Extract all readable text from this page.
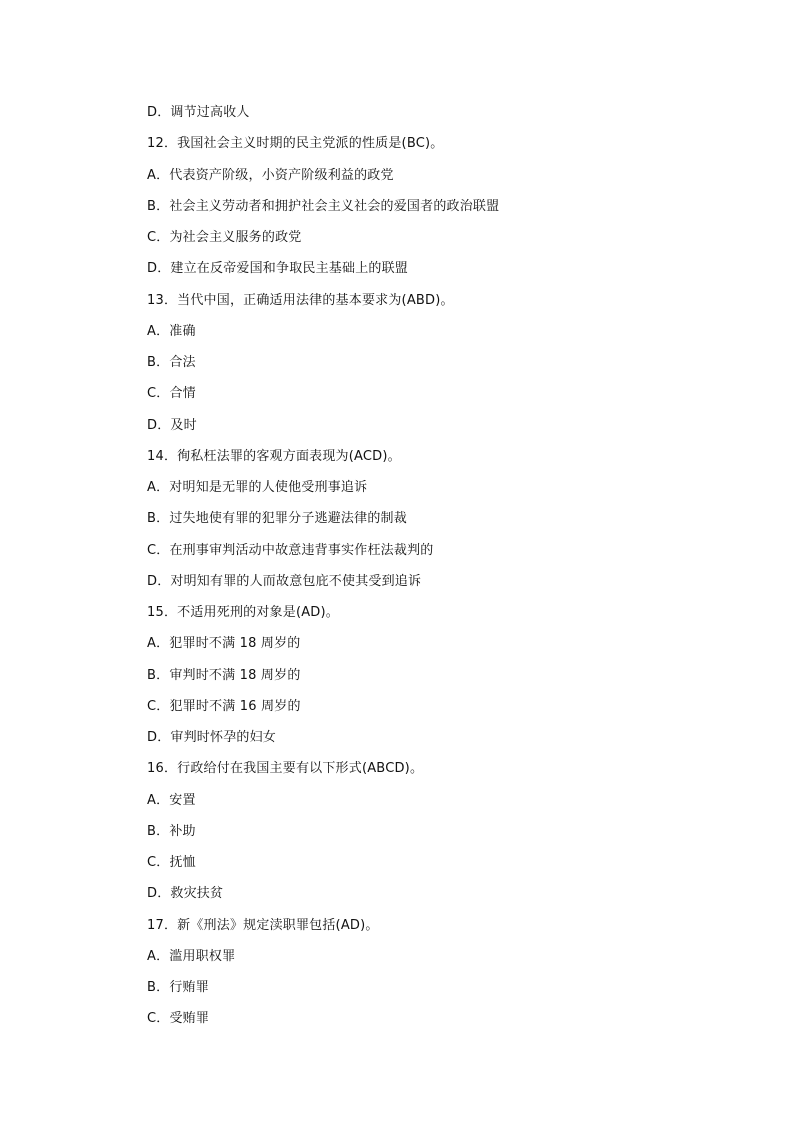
D．调节过高收人
12．我国社会主义时期的民主党派的性质是(BC)。
A．代表资产阶级，小资产阶级利益的政党
B．社会主义劳动者和拥护社会主义社会的爱国者的政治联盟
C．为社会主义服务的政党
D．建立在反帝爱国和争取民主基础上的联盟
13．当代中国，正确适用法律的基本要求为(ABD)。
A．准确
B．合法
C．合情
D．及时
14．徇私枉法罪的客观方面表现为(ACD)。
A．对明知是无罪的人使他受刑事追诉
B．过失地使有罪的犯罪分子逃避法律的制裁
C．在刑事审判活动中故意违背事实作枉法裁判的
D．对明知有罪的人而故意包庇不使其受到追诉
15．不适用死刑的对象是(AD)。
A．犯罪时不满 18 周岁的
B．审判时不满 18 周岁的
C．犯罪时不满 16 周岁的
D．审判时怀孕的妇女
16．行政给付在我国主要有以下形式(ABCD)。
A．安置
B．补助
C．抚恤
D．救灾扶贫
17．新《刑法》规定渎职罪包括(AD)。
A．滥用职权罪
B．行贿罪
C．受贿罪
